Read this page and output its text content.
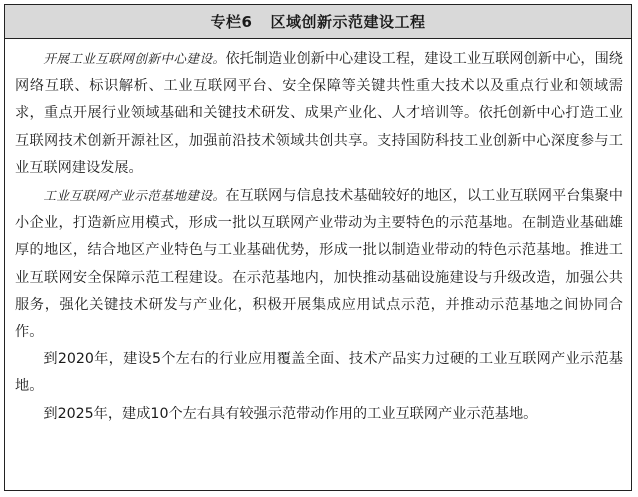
专栏6 区域创新示范建设工程

开展工业互联网创新中心建设。依托制造业创新中心建设工程，建设工业互联网创新中心，围绕网络互联、标识解析、工业互联网平台、安全保障等关键共性重大技术以及重点行业和领域需求，重点开展行业领域基础和关键技术研发、成果产业化、人才培训等。依托创新中心打造工业互联网技术创新开源社区，加强前沿技术领域共创共享。支持国防科技工业创新中心深度参与工业互联网建设发展。

工业互联网产业示范基地建设。在互联网与信息技术基础较好的地区，以工业互联网平台集聚中小企业，打造新应用模式，形成一批以互联网产业带动为主要特色的示范基地。在制造业基础雄厚的地区，结合地区产业特色与工业基础优势，形成一批以制造业带动的特色示范基地。推进工业互联网安全保障示范工程建设。在示范基地内，加快推动基础设施建设与升级改造，加强公共服务，强化关键技术研发与产业化，积极开展集成应用试点示范，并推动示范基地之间协同合作。

到2020年，建设5个左右的行业应用覆盖全面、技术产品实力过硬的工业互联网产业示范基地。

到2025年，建成10个左右具有较强示范带动作用的工业互联网产业示范基地。
